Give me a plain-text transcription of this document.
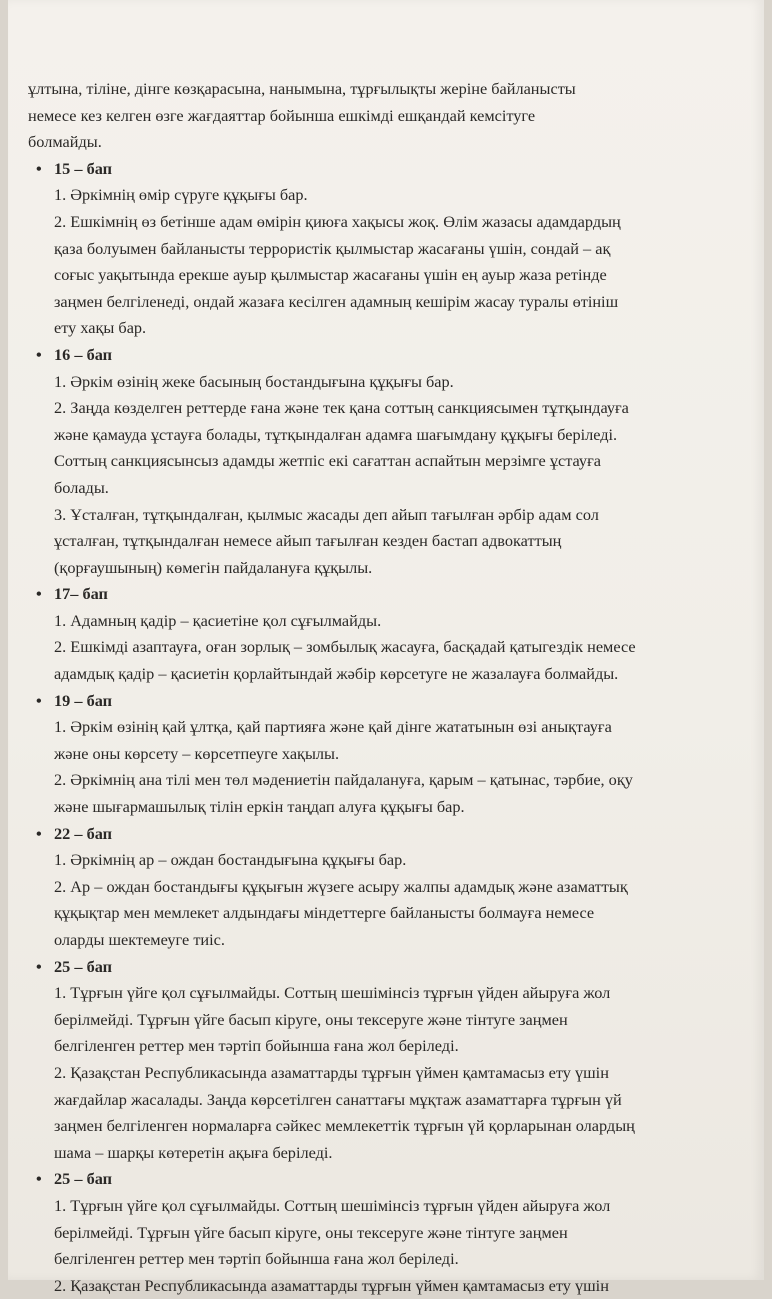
ұлтына, тіліне, дінге көзқарасына, нанымына, тұрғылықты жеріне байланысты

немесе кез келген өзге жағдаяттар бойынша ешкімді ешқандай кемсітуге

болмайды.

• 15 – бап

1. Әркімнің өмір сүруге құқығы бар.

2. Ешкімнің өз бетінше адам өмірін қиюға хақысы жоқ. Өлім жазасы адамдардың

қаза болуымен байланысты террористік қылмыстар жасағаны үшін, сондай – ақ

соғыс уақытында ерекше ауыр қылмыстар жасағаны үшін ең ауыр жаза ретінде

заңмен белгіленеді, ондай жазаға кесілген адамның кешірім жасау туралы өтініш

ету хақы бар.

• 16 – бап

1. Әркім өзінің жеке басының бостандығына құқығы бар.

2. Заңда көзделген реттерде ғана және тек қана соттың санкциясымен тұтқындауға

және қамауда ұстауға болады, тұтқындалған адамға шағымдану құқығы беріледі.

Соттың санкциясынсыз адамды жетпіс екі сағаттан аспайтын мерзімге ұстауға

болады.

3. Ұсталған, тұтқындалған, қылмыс жасады деп айып тағылған әрбір адам сол

ұсталған, тұтқындалған немесе айып тағылған кезден бастап адвокаттың

(қорғаушының) көмегін пайдалануға құқылы.

• 17– бап

1. Адамның қадір – қасиетіне қол сұғылмайды.

2. Ешкімді азаптауға, оған зорлық – зомбылық жасауға, басқадай қатыгездік немесе

адамдық қадір – қасиетін қорлайтындай жәбір көрсетуге не жазалауға болмайды.

• 19 – бап

1. Әркім өзінің қай ұлтқа, қай партияға және қай дінге жататынын өзі анықтауға

және оны көрсету – көрсетпеуге хақылы.

2. Әркімнің ана тілі мен төл мәдениетін пайдалануға, қарым – қатынас, тәрбие, оқу

және шығармашылық тілін еркін таңдап алуға құқығы бар.

• 22 – бап

1. Әркімнің ар – ождан бостандығына құқығы бар.

2. Ар – ождан бостандығы құқығын жүзеге асыру жалпы адамдық және азаматтық

құқықтар мен мемлекет алдындағы міндеттерге байланысты болмауға немесе

оларды шектемеуге тиіс.

• 25 – бап

1. Тұрғын үйге қол сұғылмайды. Соттың шешімінсіз тұрғын үйден айыруға жол

берілмейді. Тұрғын үйге басып кіруге, оны тексеруге және тінтуге заңмен

белгіленген реттер мен тәртіп бойынша ғана жол беріледі.

2. Қазақстан Республикасында азаматтарды тұрғын үймен қамтамасыз ету үшін

жағдайлар жасалады. Заңда көрсетілген санаттағы мұқтаж азаматтарға тұрғын үй

заңмен белгіленген нормаларға сәйкес мемлекеттік тұрғын үй қорларынан олардың

шама – шарқы көтеретін ақыға беріледі.

• 25 – бап

1. Тұрғын үйге қол сұғылмайды. Соттың шешімінсіз тұрғын үйден айыруға жол

берілмейді. Тұрғын үйге басып кіруге, оны тексеруге және тінтуге заңмен

белгіленген реттер мен тәртіп бойынша ғана жол беріледі.

2. Қазақстан Республикасында азаматтарды тұрғын үймен қамтамасыз ету үшін
